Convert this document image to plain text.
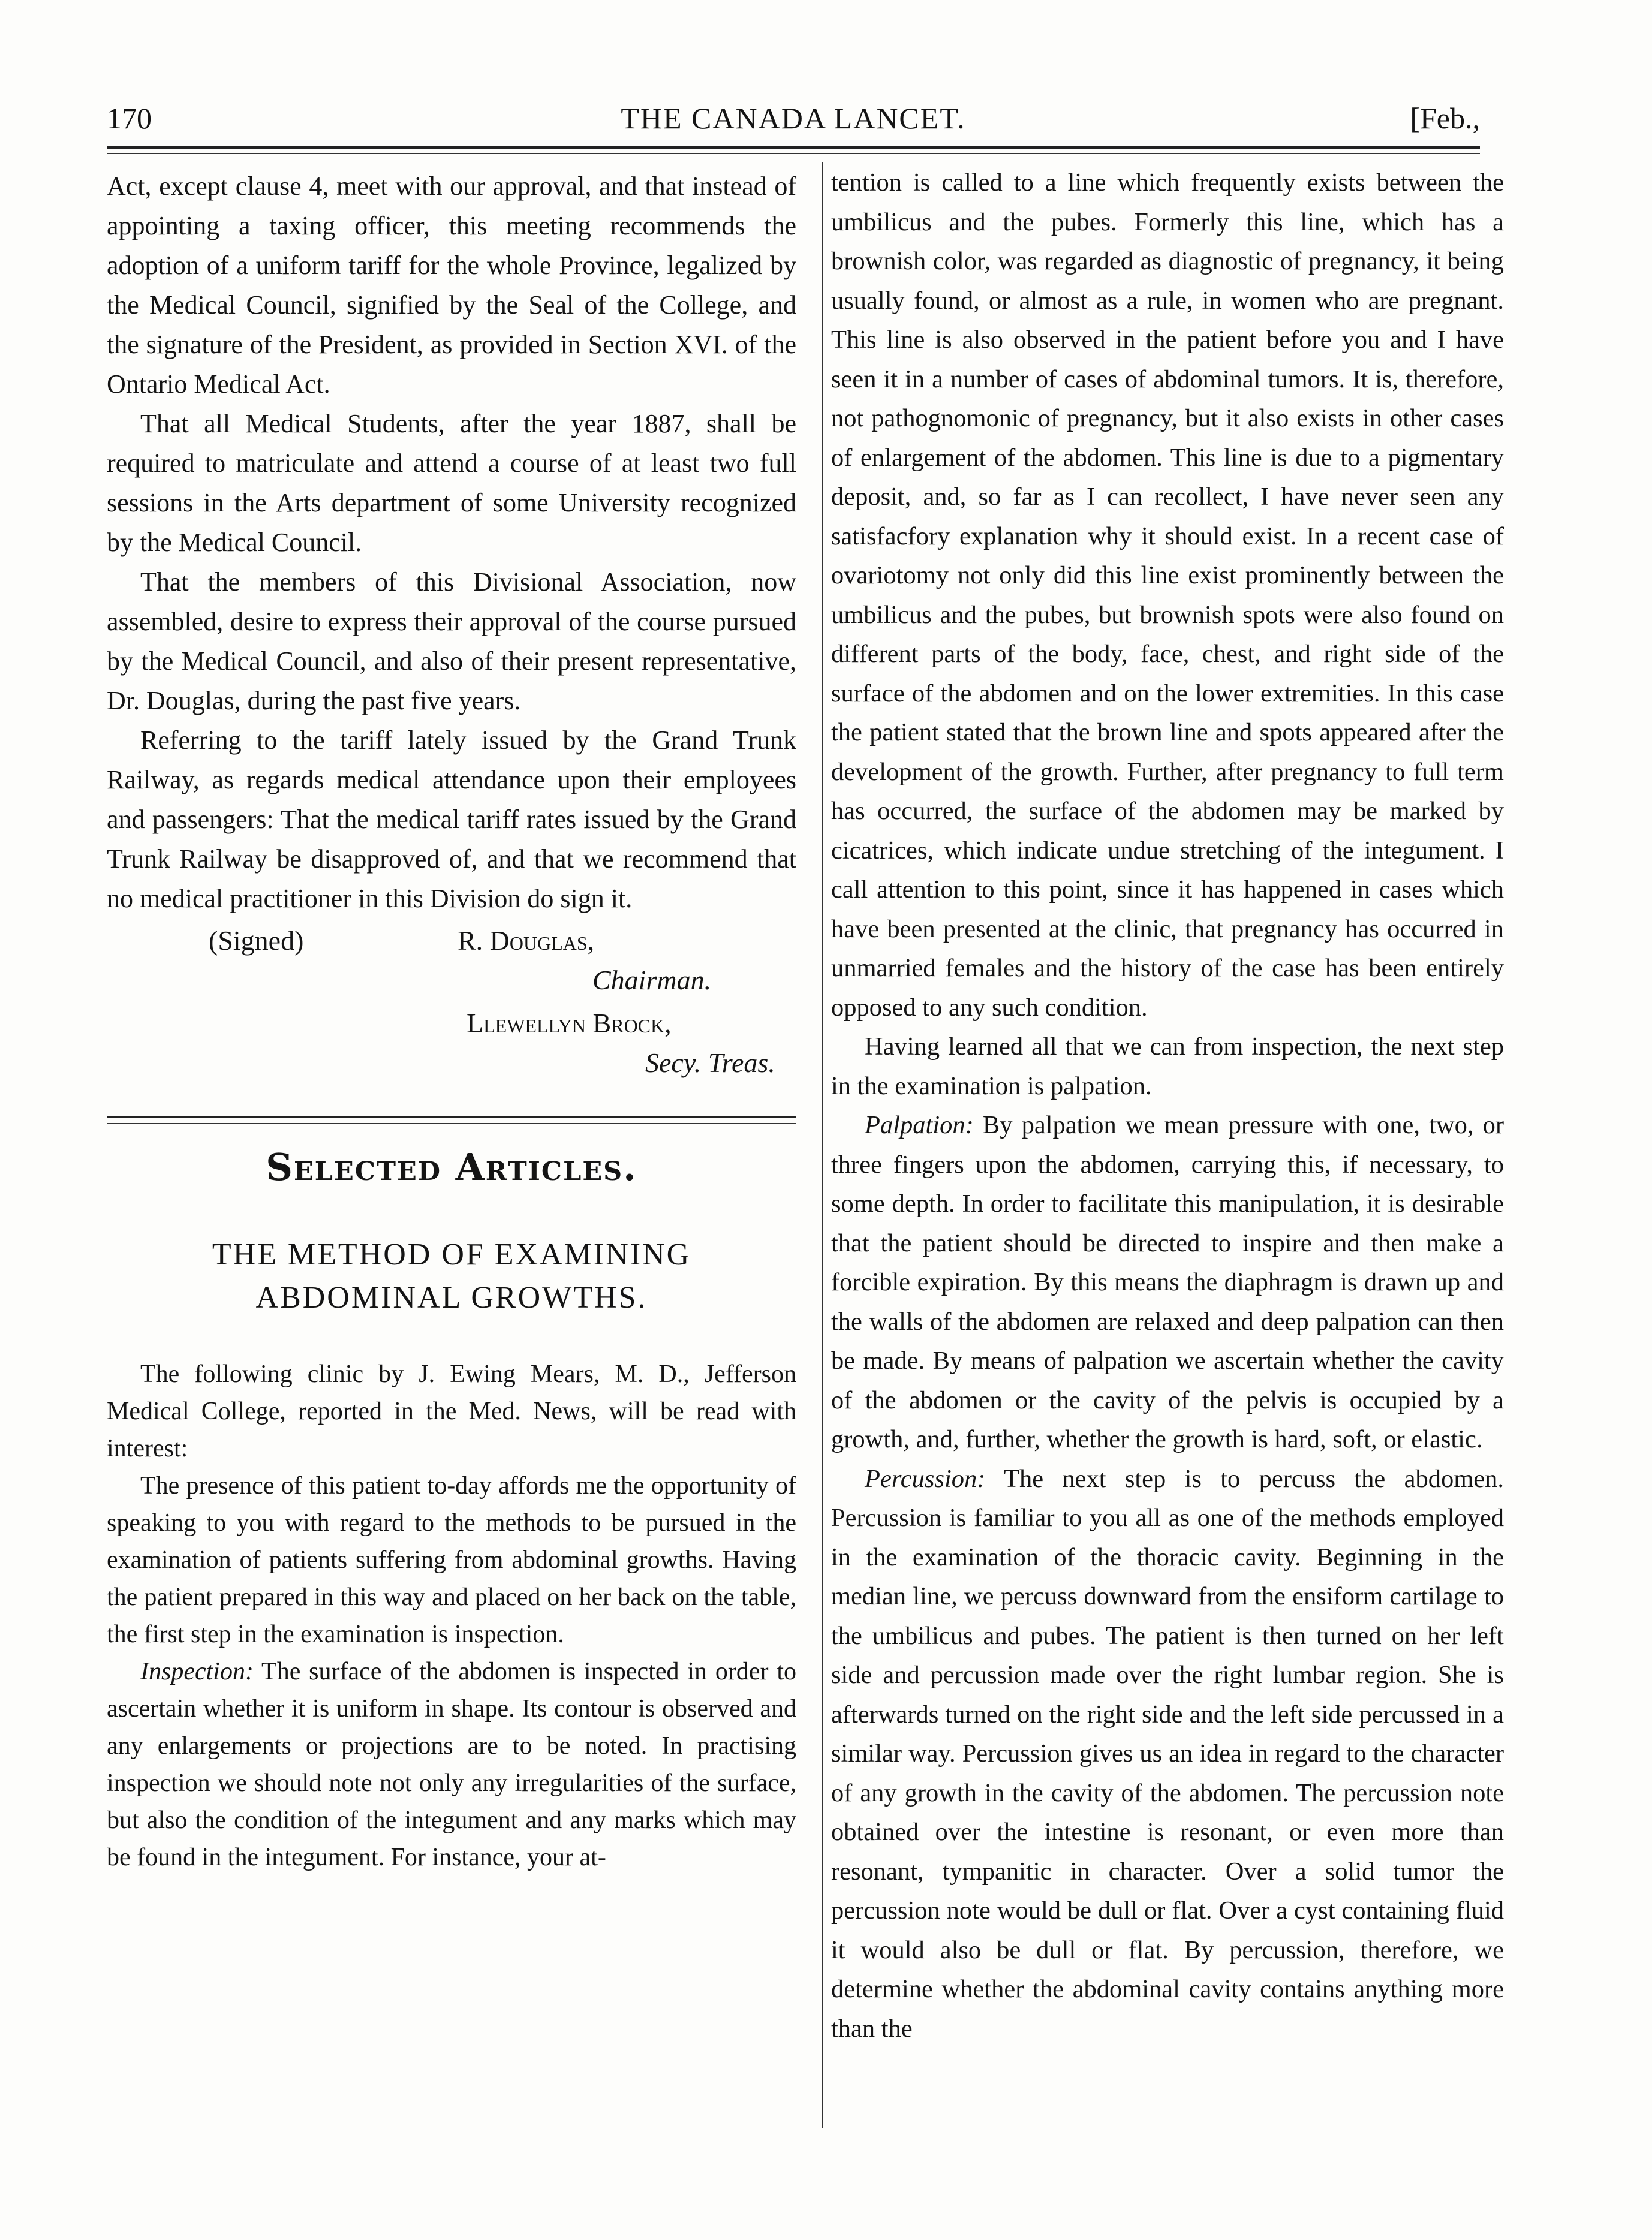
170	THE CANADA LANCET.	[Feb.,

Act, except clause 4, meet with our approval, and that instead of appointing a taxing officer, this meeting recommends the adoption of a uniform tariff for the whole Province, legalized by the Medical Council, signified by the Seal of the College, and the signature of the President, as provided in Section XVI. of the Ontario Medical Act.

That all Medical Students, after the year 1887, shall be required to matriculate and attend a course of at least two full sessions in the Arts department of some University recognized by the Medical Council.

That the members of this Divisional Association, now assembled, desire to express their approval of the course pursued by the Medical Council, and also of their present representative, Dr. Douglas, during the past five years.

Referring to the tariff lately issued by the Grand Trunk Railway, as regards medical attendance upon their employees and passengers: That the medical tariff rates issued by the Grand Trunk Railway be disapproved of, and that we recommend that no medical practitioner in this Division do sign it.

(Signed)	R. Douglas,
Chairman.
Llewellyn Brock,
Secy. Treas.
Selected Articles.
THE METHOD OF EXAMINING ABDOMINAL GROWTHS.

The following clinic by J. Ewing Mears, M. D., Jefferson Medical College, reported in the Med. News, will be read with interest:

The presence of this patient to-day affords me the opportunity of speaking to you with regard to the methods to be pursued in the examination of patients suffering from abdominal growths. Having the patient prepared in this way and placed on her back on the table, the first step in the examination is inspection.

Inspection: The surface of the abdomen is inspected in order to ascertain whether it is uniform in shape. Its contour is observed and any enlargements or projections are to be noted. In practising inspection we should note not only any irregularities of the surface, but also the condition of the integument and any marks which may be found in the integument. For instance, your at-

tention is called to a line which frequently exists between the umbilicus and the pubes. Formerly this line, which has a brownish color, was regarded as diagnostic of pregnancy, it being usually found, or almost as a rule, in women who are pregnant. This line is also observed in the patient before you and I have seen it in a number of cases of abdominal tumors. It is, therefore, not pathognomonic of pregnancy, but it also exists in other cases of enlargement of the abdomen. This line is due to a pigmentary deposit, and, so far as I can recollect, I have never seen any satisfacfory explanation why it should exist. In a recent case of ovariotomy not only did this line exist prominently between the umbilicus and the pubes, but brownish spots were also found on different parts of the body, face, chest, and right side of the surface of the abdomen and on the lower extremities. In this case the patient stated that the brown line and spots appeared after the development of the growth. Further, after pregnancy to full term has occurred, the surface of the abdomen may be marked by cicatrices, which indicate undue stretching of the integument. I call attention to this point, since it has happened in cases which have been presented at the clinic, that pregnancy has occurred in unmarried females and the history of the case has been entirely opposed to any such condition.

Having learned all that we can from inspection, the next step in the examination is palpation.

Palpation: By palpation we mean pressure with one, two, or three fingers upon the abdomen, carrying this, if necessary, to some depth. In order to facilitate this manipulation, it is desirable that the patient should be directed to inspire and then make a forcible expiration. By this means the diaphragm is drawn up and the walls of the abdomen are relaxed and deep palpation can then be made. By means of palpation we ascertain whether the cavity of the abdomen or the cavity of the pelvis is occupied by a growth, and, further, whether the growth is hard, soft, or elastic.

Percussion: The next step is to percuss the abdomen. Percussion is familiar to you all as one of the methods employed in the examination of the thoracic cavity. Beginning in the median line, we percuss downward from the ensiform cartilage to the umbilicus and pubes. The patient is then turned on her left side and percussion made over the right lumbar region. She is afterwards turned on the right side and the left side percussed in a similar way. Percussion gives us an idea in regard to the character of any growth in the cavity of the abdomen. The percussion note obtained over the intestine is resonant, or even more than resonant, tympanitic in character. Over a solid tumor the percussion note would be dull or flat. Over a cyst containing fluid it would also be dull or flat. By percussion, therefore, we determine whether the abdominal cavity contains anything more than the
